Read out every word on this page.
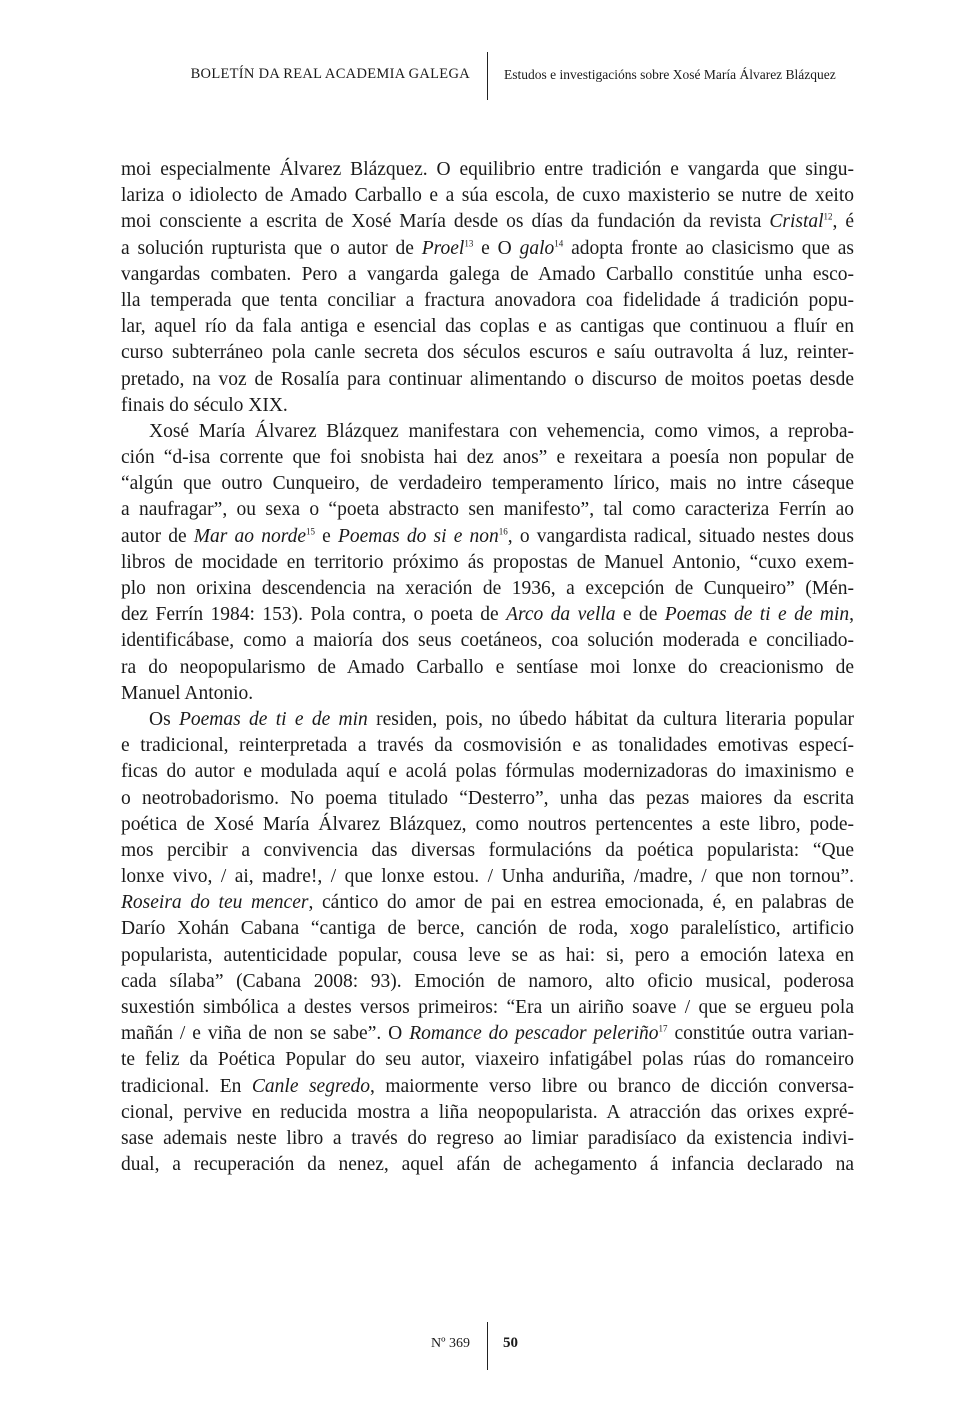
BOLETÍN DA REAL ACADEMIA GALEGA	Estudos e investigacións sobre Xosé María Álvarez Blázquez
moi especialmente Álvarez Blázquez. O equilibrio entre tradición e vangarda que singu-
lariza o idiolecto de Amado Carballo e a súa escola, de cuxo maxisterio se nutre de xeito
moi consciente a escrita de Xosé María desde os días da fundación da revista Cristal$^{12}$, é
a solución rupturista que o autor de Proel$^{13}$ e O galo$^{14}$ adopta fronte ao clasicismo que as
vangardas combaten. Pero a vangarda galega de Amado Carballo constitúe unha esco-
lla temperada que tenta conciliar a fractura anovadora coa fidelidade á tradición popu-
lar, aquel río da fala antiga e esencial das coplas e as cantigas que continuou a fluír en
curso subterráneo pola canle secreta dos séculos escuros e saíu outravolta á luz, reinter-
pretado, na voz de Rosalía para continuar alimentando o discurso de moitos poetas desde
finais do século XIX.
Xosé María Álvarez Blázquez manifestara con vehemencia, como vimos, a reproba-
ción “d-isa corrente que foi snobista hai dez anos” e rexeitara a poesía non popular de
“algún que outro Cunqueiro, de verdadeiro temperamento lírico, mais no intre cáseque
a naufragar”, ou sexa o “poeta abstracto sen manifesto”, tal como caracteriza Ferrín ao
autor de Mar ao norde$^{15}$ e Poemas do si e non$^{16}$, o vangardista radical, situado nestes dous
libros de mocidade en territorio próximo ás propostas de Manuel Antonio, “cuxo exem-
plo non orixina descendencia na xeración de 1936, a excepción de Cunqueiro” (Mén-
dez Ferrín 1984: 153). Pola contra, o poeta de Arco da vella e de Poemas de ti e de min,
identificábase, como a maioría dos seus coetáneos, coa solución moderada e conciliado-
ra do neopopularismo de Amado Carballo e sentíase moi lonxe do creacionismo de
Manuel Antonio.
Os Poemas de ti e de min residen, pois, no úbedo hábitat da cultura literaria popular
e tradicional, reinterpretada a través da cosmovisión e as tonalidades emotivas especí-
ficas do autor e modulada aquí e acolá polas fórmulas modernizadoras do imaxinismo e
o neotrobadorismo. No poema titulado “Desterro”, unha das pezas maiores da escrita
poética de Xosé María Álvarez Blázquez, como noutros pertencentes a este libro, pode-
mos percibir a convivencia das diversas formulacións da poética popularista: “Que
lonxe vivo, / ai, madre!, / que lonxe estou. / Unha anduriña, /madre, / que non tornou”.
Roseira do teu mencer, cántico do amor de pai en estrea emocionada, é, en palabras de
Darío Xohán Cabana “cantiga de berce, canción de roda, xogo paralelístico, artificio
popularista, autenticidade popular, cousa leve se as hai: si, pero a emoción latexa en
cada sílaba” (Cabana 2008: 93). Emoción de namoro, alto oficio musical, poderosa
suxestión simbólica a destes versos primeiros: “Era un airiño soave / que se ergueu pola
mañán / e viña de non se sabe”. O Romance do pescador peleriño$^{17}$ constitúe outra varian-
te feliz da Poética Popular do seu autor, viaxeiro infatigábel polas rúas do romanceiro
tradicional. En Canle segredo, maiormente verso libre ou branco de dicción conversa-
cional, pervive en reducida mostra a liña neopopularista. A atracción das orixes expré-
sase ademais neste libro a través do regreso ao limiar paradisíaco da existencia indivi-
dual, a recuperación da nenez, aquel afán de achegamento á infancia declarado na
Nº 369 50
